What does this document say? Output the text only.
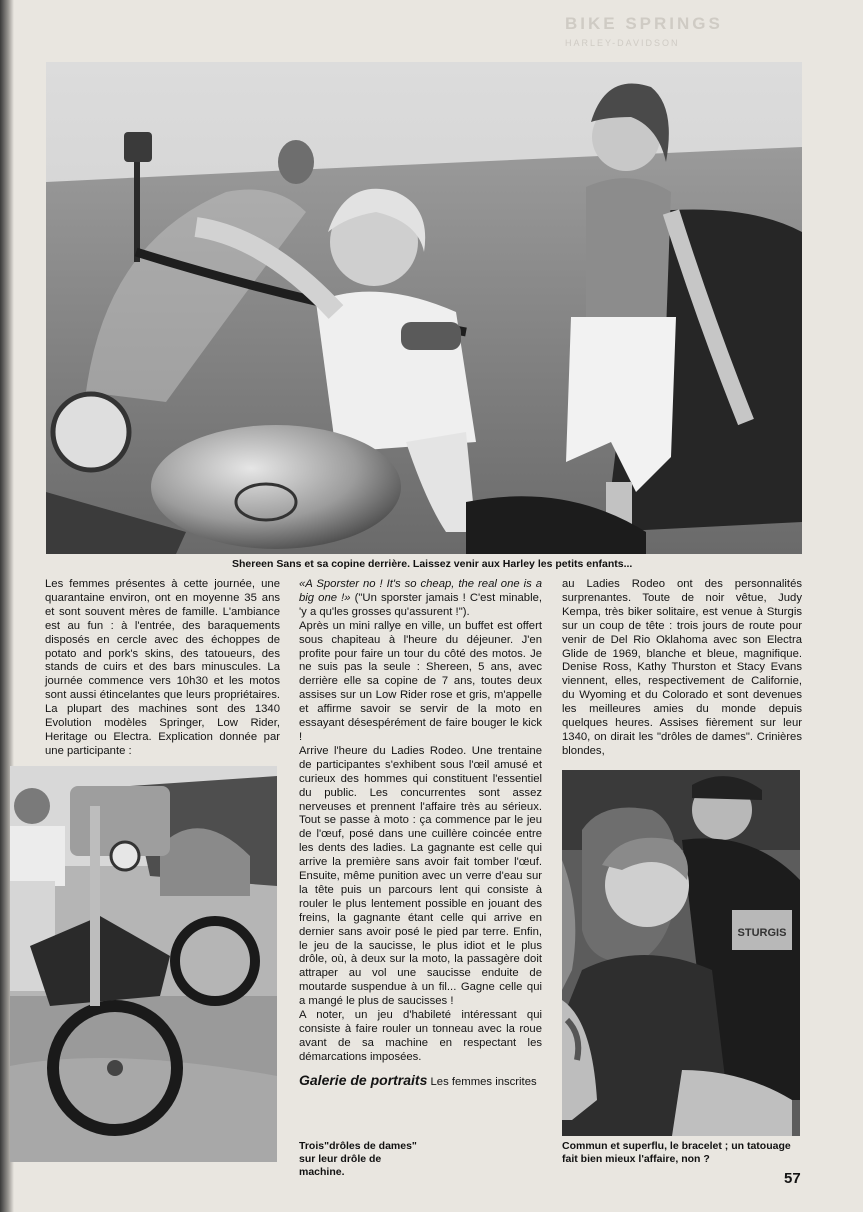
BIKE SPRINGS
HARLEY-DAVIDSON
Shereen Sans et sa copine derrière. Laissez venir aux Harley les petits enfants...

Les femmes présentes à cette journée, une quarantaine environ, ont en moyenne 35 ans et sont souvent mères de famille. L'ambiance est au fun : à l'entrée, des baraquements disposés en cercle avec des échoppes de potato and pork's skins, des tatoueurs, des stands de cuirs et des bars minuscules. La journée commence vers 10h30 et les motos sont aussi étincelantes que leurs propriétaires. La plupart des machines sont des 1340 Evolution modèles Springer, Low Rider, Heritage ou Electra. Explication donnée par une participante :

«A Sporster no ! It's so cheap, the real one is a big one !» ("Un sporster jamais ! C'est minable, 'y a qu'les grosses qu'assurent !").

Après un mini rallye en ville, un buffet est offert sous chapiteau à l'heure du déjeuner. J'en profite pour faire un tour du côté des motos. Je ne suis pas la seule : Shereen, 5 ans, avec derrière elle sa copine de 7 ans, toutes deux assises sur un Low Rider rose et gris, m'appelle et affirme savoir se servir de la moto en essayant désespérément de faire bouger le kick !

Arrive l'heure du Ladies Rodeo. Une trentaine de participantes s'exhibent sous l'œil amusé et curieux des hommes qui constituent l'essentiel du public. Les concurrentes sont assez nerveuses et prennent l'affaire très au sérieux. Tout se passe à moto : ça commence par le jeu de l'œuf, posé dans une cuillère coincée entre les dents des ladies. La gagnante est celle qui arrive la première sans avoir fait tomber l'œuf. Ensuite, même punition avec un verre d'eau sur la tête puis un parcours lent qui consiste à rouler le plus lentement possible en jouant des freins, la gagnante étant celle qui arrive en dernier sans avoir posé le pied par terre. Enfin, le jeu de la saucisse, le plus idiot et le plus drôle, où, à deux sur la moto, la passagère doit attraper au vol une saucisse enduite de moutarde suspendue à un fil... Gagne celle qui a mangé le plus de saucisses !

A noter, un jeu d'habileté intéressant qui consiste à faire rouler un tonneau avec la roue avant de sa machine en respectant les démarcations imposées.

Galerie de portraits Les femmes inscrites

au Ladies Rodeo ont des personnalités surprenantes. Toute de noir vêtue, Judy Kempa, très biker solitaire, est venue à Sturgis sur un coup de tête : trois jours de route pour venir de Del Rio Oklahoma avec son Electra Glide de 1969, blanche et bleue, magnifique. Denise Ross, Kathy Thurston et Stacy Evans viennent, elles, respectivement de Californie, du Wyoming et du Colorado et sont devenues les meilleures amies du monde depuis quelques heures. Assises fièrement sur leur 1340, on dirait les "drôles de dames". Crinières blondes,

Trois"drôles de dames" sur leur drôle de machine.
STURGIS
Commun et superflu, le bracelet ; un tatouage fait bien mieux l'affaire, non ?
57
